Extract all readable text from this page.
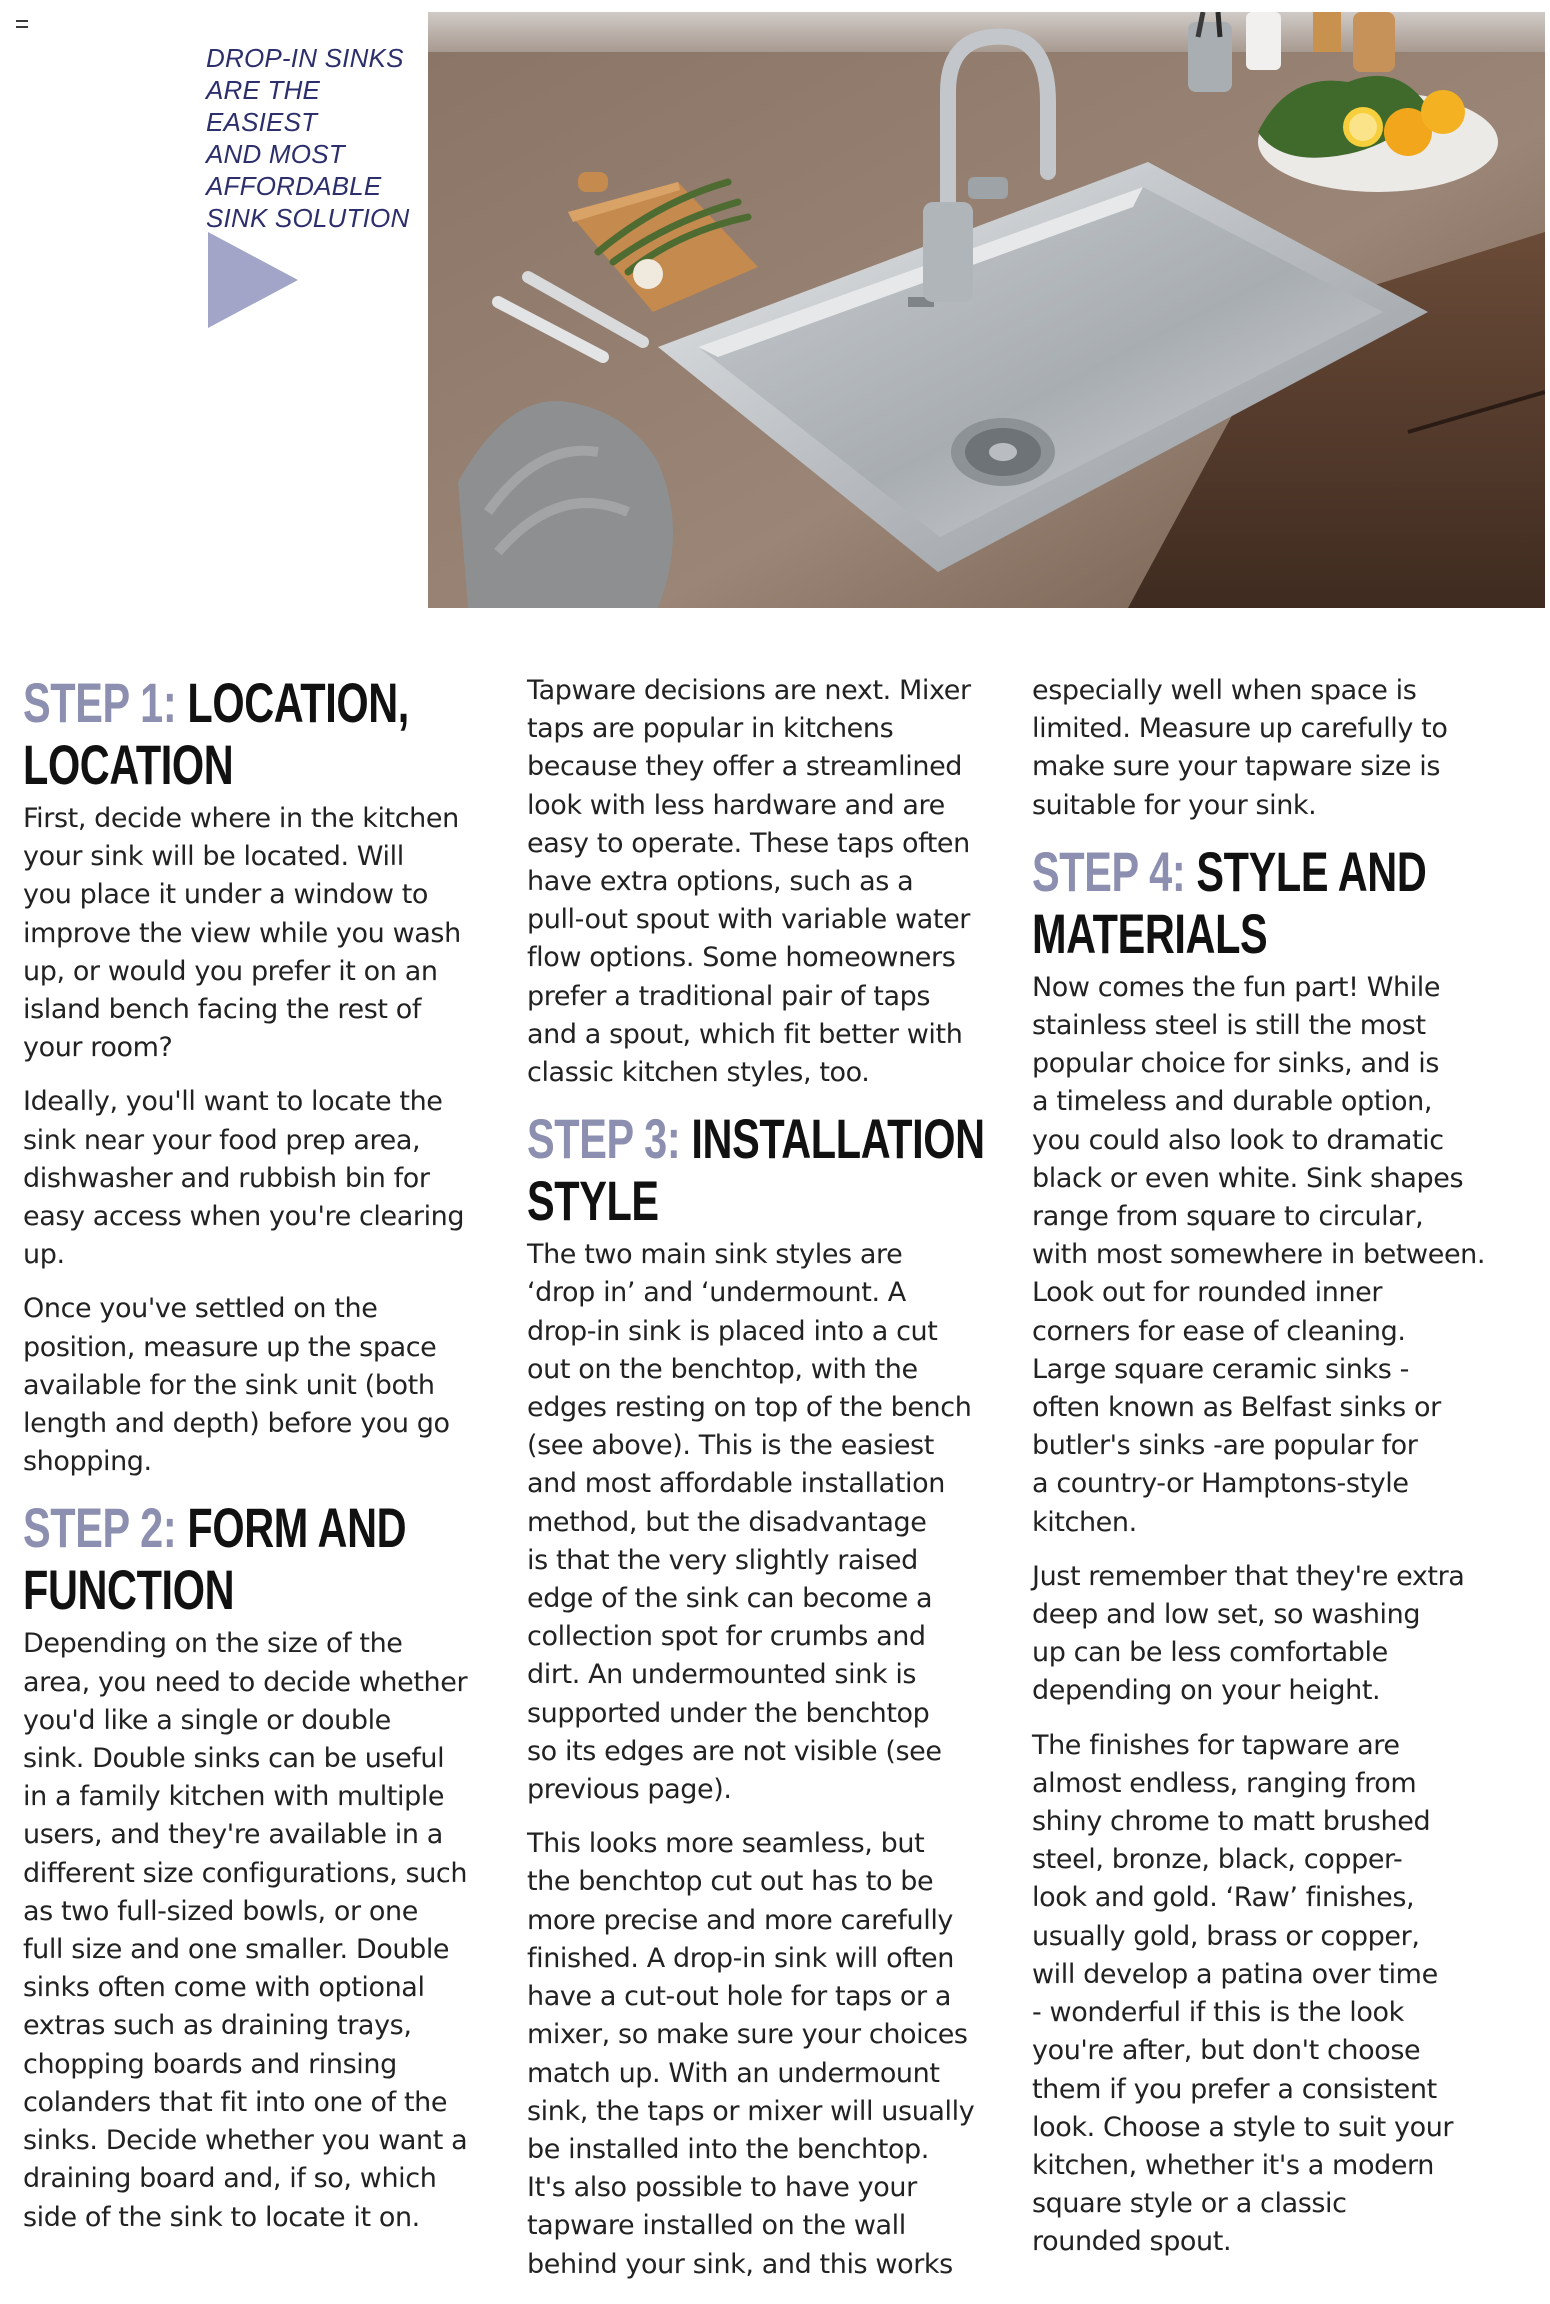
DROP-IN SINKS
ARE THE EASIEST
AND MOST
AFFORDABLE
SINK SOLUTION
STEP 1: LOCATION,
LOCATION
First, decide where in the kitchen
your sink will be located. Will
you place it under a window to
improve the view while you wash
up, or would you prefer it on an
island bench facing the rest of
your room?
Ideally, you'll want to locate the
sink near your food prep area,
dishwasher and rubbish bin for
easy access when you're clearing
up.
Once you've settled on the
position, measure up the space
available for the sink unit (both
length and depth) before you go
shopping.
STEP 2: FORM AND
FUNCTION
Depending on the size of the
area, you need to decide whether
you'd like a single or double
sink. Double sinks can be useful
in a family kitchen with multiple
users, and they're available in a
different size configurations, such
as two full-sized bowls, or one
full size and one smaller. Double
sinks often come with optional
extras such as draining trays,
chopping boards and rinsing
colanders that fit into one of the
sinks. Decide whether you want a
draining board and, if so, which
side of the sink to locate it on.
Tapware decisions are next. Mixer
taps are popular in kitchens
because they offer a streamlined
look with less hardware and are
easy to operate. These taps often
have extra options, such as a
pull-out spout with variable water
flow options. Some homeowners
prefer a traditional pair of taps
and a spout, which fit better with
classic kitchen styles, too.
STEP 3: INSTALLATION
STYLE
The two main sink styles are
‘drop in’ and ‘undermount. A
drop-in sink is placed into a cut
out on the benchtop, with the
edges resting on top of the bench
(see above). This is the easiest
and most affordable installation
method, but the disadvantage
is that the very slightly raised
edge of the sink can become a
collection spot for crumbs and
dirt. An undermounted sink is
supported under the benchtop
so its edges are not visible (see
previous page).
This looks more seamless, but
the benchtop cut out has to be
more precise and more carefully
finished. A drop-in sink will often
have a cut-out hole for taps or a
mixer, so make sure your choices
match up. With an undermount
sink, the taps or mixer will usually
be installed into the benchtop.
It's also possible to have your
tapware installed on the wall
behind your sink, and this works
especially well when space is
limited. Measure up carefully to
make sure your tapware size is
suitable for your sink.
STEP 4: STYLE AND
MATERIALS
Now comes the fun part! While
stainless steel is still the most
popular choice for sinks, and is
a timeless and durable option,
you could also look to dramatic
black or even white. Sink shapes
range from square to circular,
with most somewhere in between.
Look out for rounded inner
corners for ease of cleaning.
Large square ceramic sinks -
often known as Belfast sinks or
butler's sinks -are popular for
a country-or Hamptons-style
kitchen.
Just remember that they're extra
deep and low set, so washing
up can be less comfortable
depending on your height.
The finishes for tapware are
almost endless, ranging from
shiny chrome to matt brushed
steel, bronze, black, copper-
look and gold. ‘Raw’ finishes,
usually gold, brass or copper,
will develop a patina over time
- wonderful if this is the look
you're after, but don't choose
them if you prefer a consistent
look. Choose a style to suit your
kitchen, whether it's a modern
square style or a classic
rounded spout.
